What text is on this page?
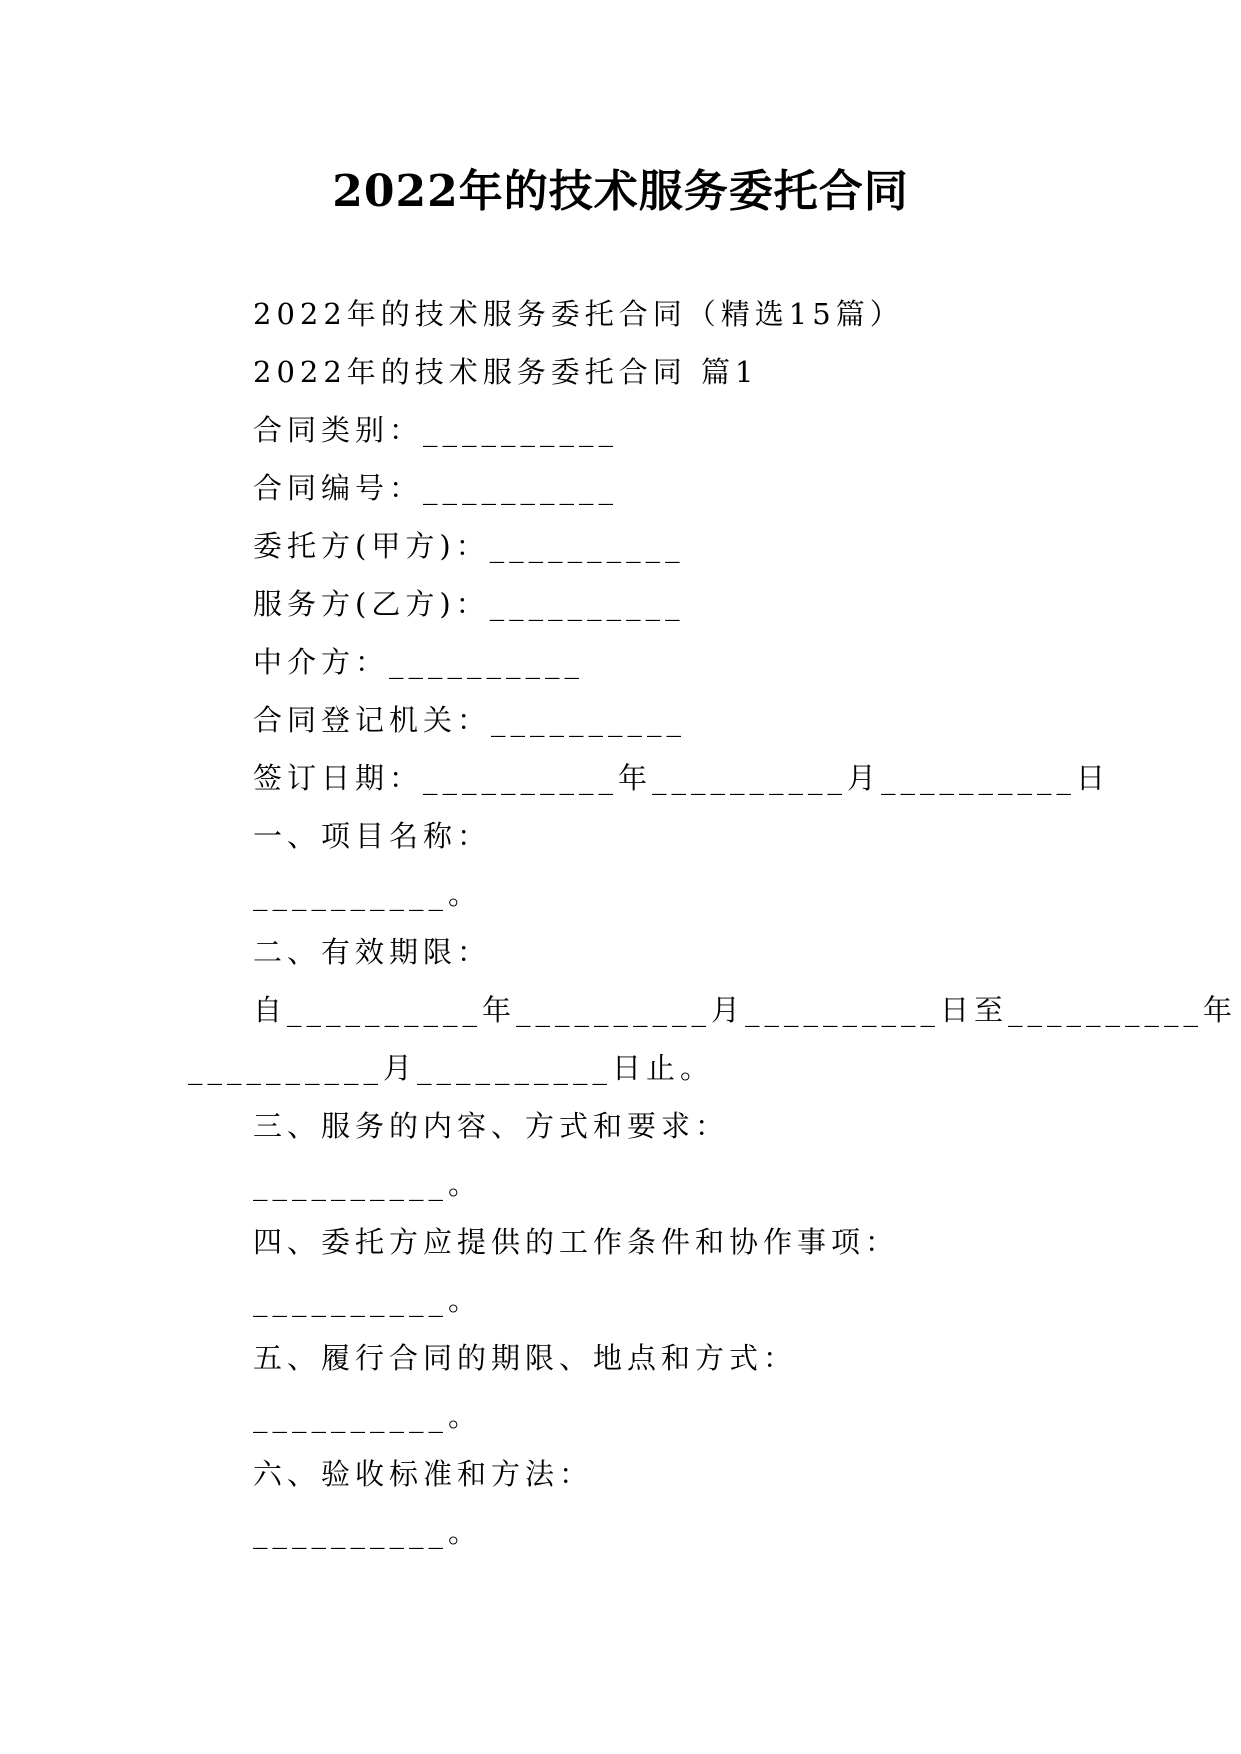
2022年的技术服务委托合同
2022年的技术服务委托合同（精选15篇）
2022年的技术服务委托合同 篇1
合同类别：__________
合同编号：__________
委托方(甲方)：__________
服务方(乙方)：__________
中介方：__________
合同登记机关：__________
签订日期：__________年__________月__________日
一、项目名称：
__________。
二、有效期限：
自__________年__________月__________日至__________年
__________月__________日止。
三、服务的内容、方式和要求：
__________。
四、委托方应提供的工作条件和协作事项：
__________。
五、履行合同的期限、地点和方式：
__________。
六、验收标准和方法：
__________。
